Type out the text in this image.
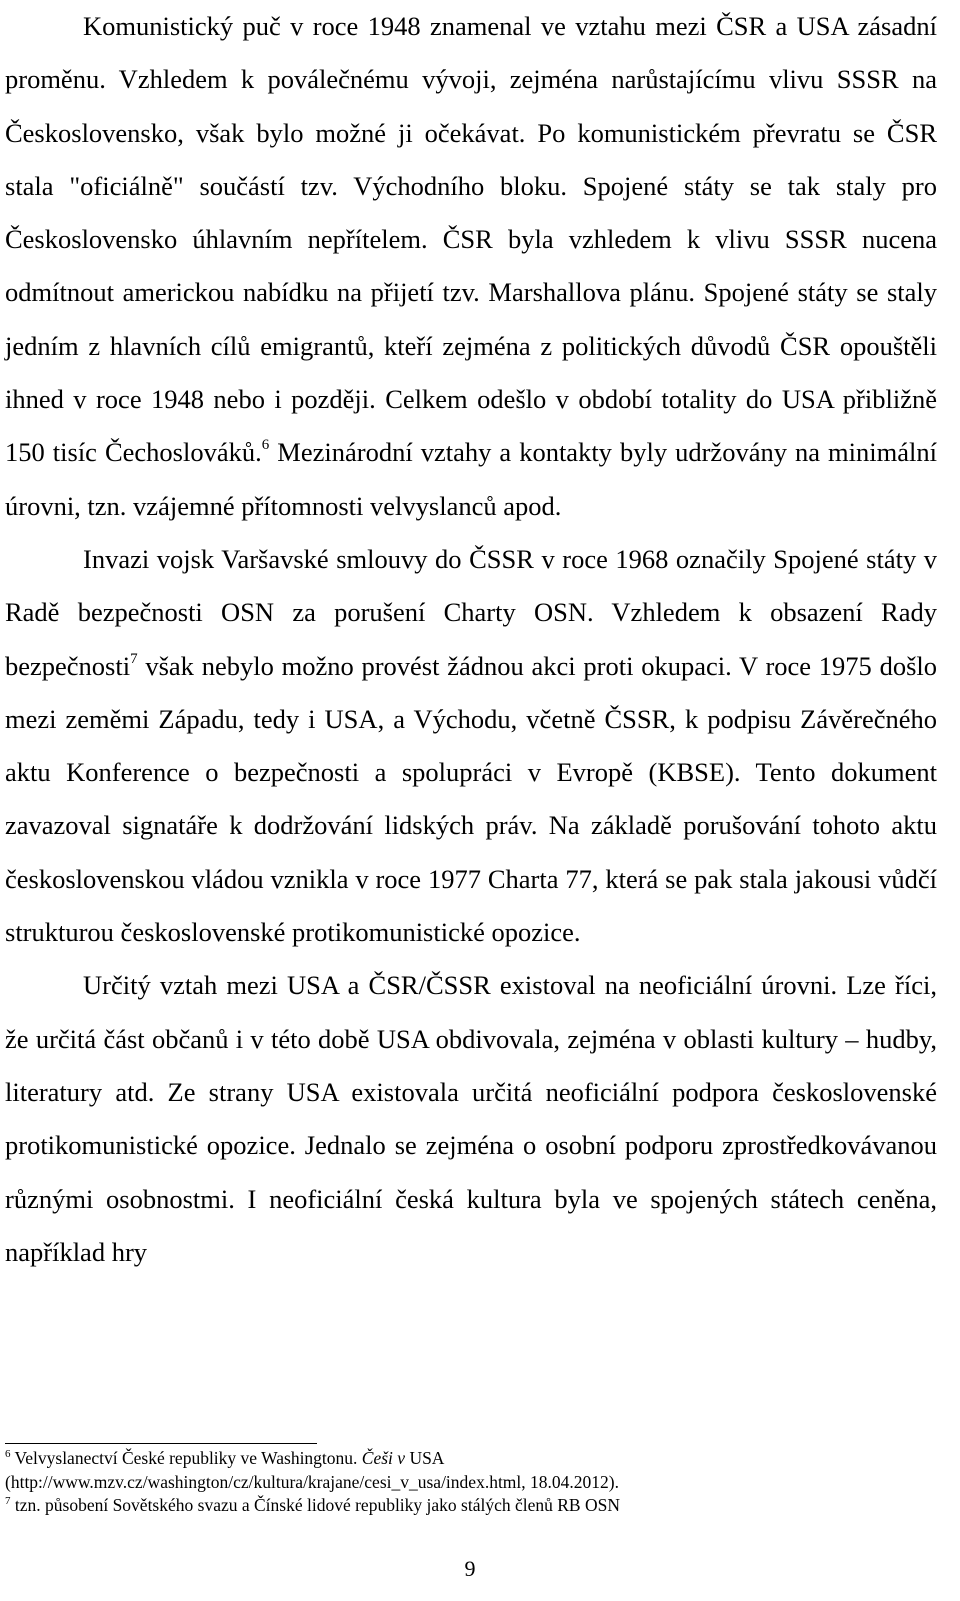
Komunistický puč v roce 1948 znamenal ve vztahu mezi ČSR a USA zásadní proměnu. Vzhledem k poválečnému vývoji, zejména narůstajícímu vlivu SSSR na Československo, však bylo možné ji očekávat. Po komunistickém převratu se ČSR stala "oficiálně" součástí tzv. Východního bloku. Spojené státy se tak staly pro Československo úhlavním nepřítelem. ČSR byla vzhledem k vlivu SSSR nucena odmítnout americkou nabídku na přijetí tzv. Marshallova plánu. Spojené státy se staly jedním z hlavních cílů emigrantů, kteří zejména z politických důvodů ČSR opouštěli ihned v roce 1948 nebo i později. Celkem odešlo v období totality do USA přibližně 150 tisíc Čechoslováků.$^6$ Mezinárodní vztahy a kontakty byly udržovány na minimální úrovni, tzn. vzájemné přítomnosti velvyslanců apod.

Invazi vojsk Varšavské smlouvy do ČSSR v roce 1968 označily Spojené státy v Radě bezpečnosti OSN za porušení Charty OSN. Vzhledem k obsazení Rady bezpečnosti$^7$ však nebylo možno provést žádnou akci proti okupaci. V roce 1975 došlo mezi zeměmi Západu, tedy i USA, a Východu, včetně ČSSR, k podpisu Závěrečného aktu Konference o bezpečnosti a spolupráci v Evropě (KBSE). Tento dokument zavazoval signatáře k dodržování lidských práv. Na základě porušování tohoto aktu československou vládou vznikla v roce 1977 Charta 77, která se pak stala jakousi vůdčí strukturou československé protikomunistické opozice.

Určitý vztah mezi USA a ČSR/ČSSR existoval na neoficiální úrovni. Lze říci, že určitá část občanů i v této době USA obdivovala, zejména v oblasti kultury – hudby, literatury atd. Ze strany USA existovala určitá neoficiální podpora československé protikomunistické opozice. Jednalo se zejména o osobní podporu zprostředkovávanou různými osobnostmi. I neoficiální česká kultura byla ve spojených státech ceněna, například hry

$^6$ Velvyslanectví České republiky ve Washingtonu. Češi v USA (http://www.mzv.cz/washington/cz/kultura/krajane/cesi_v_usa/index.html, 18.04.2012).

$^7$ tzn. působení Sovětského svazu a Čínské lidové republiky jako stálých členů RB OSN

9
